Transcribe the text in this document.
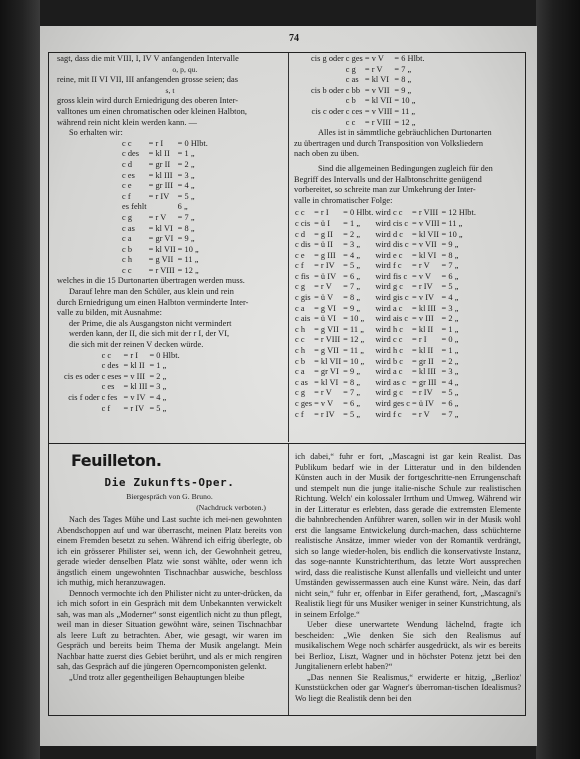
74
sagt, dass die mit VIII, I, IV V anfangenden Intervalle
o, p, qu.
reine, mit II VI VII, III anfangenden grosse seien; das
s, t
gross klein wird durch Erniedrigung des oberen Inter-
valltones um einen chromatischen oder kleinen Halbton,
während rein nicht klein werden kann. —
So erhalten wir:
c c	= r I	= 0 Hlbt.
c des	= kl II	= 1 „
c d	= gr II	= 2 „
c es	= kl III	= 3 „
c e	= gr III	= 4 „
c f	= r IV	= 5 „
es fehlt		6 „
c g	= r V	= 7 „
c as	= kl VI	= 8 „
c a	= gr VI	= 9 „
c b	= kl VII	= 10 „
c h	= g VII	= 11 „
c c	= r VIII	= 12 „
welches in die 15 Durtonarten übertragen werden muss.
Darauf lehre man den Schüler, aus klein und rein
durch Erniedrigung um einen Halbton verminderte Inter-
valle zu bilden, mit Ausnahme:
der Prime, die als Ausgangston nicht vermindert
werden kann, der II, die sich mit der r I, der VI,
die sich mit der reinen V decken würde.
	c c	= r I	= 0 Hlbt.
	c des	= kl II	= 1 „
cis es oder	c eses	= v III	= 2 „
	c es	= kl III	= 3 „
cis f oder	c fes	= v IV	= 4 „
	c f	= r IV	= 5 „
	cis g oder	c ges	= v V	= 6 Hlbt.
		c g	= r V	= 7 „
		c as	= kl VI	= 8 „
	cis b oder	c bb	= v VII	= 9 „
		c b	= kl VII	= 10 „
	cis c oder	c ces	= v VIII	= 11 „
		c c	= r VIII	= 12 „
Alles ist in sämmtliche gebräuchlichen Durtonarten
zu übertragen und durch Transposition von Volksliedern
nach oben zu üben.
Sind die allgemeinen Bedingungen zugleich für den
Begriff des Intervalls und der Halbtonschritte genügend
vorbereitet, so schreite man zur Umkehrung der Inter-
valle in chromatischer Folge:
c c	= r I	= 0 Hlbt.	wird c c	= r VIII	= 12 Hlbt.
c cis	= ü I	= 1 „	wird cis c	= v VIII	= 11 „
c d	= g II	= 2 „	wird d c	= kl VII	= 10 „
c dis	= ü II	= 3 „	wird dis c	= v VII	= 9 „
c e	= g III	= 4 „	wird e c	= kl VI	= 8 „
c f	= r IV	= 5 „	wird f c	= r V	= 7 „
c fis	= ü IV	= 6 „	wird fis c	= v V	= 6 „
c g	= r V	= 7 „	wird g c	= r IV	= 5 „
c gis	= ü V	= 8 „	wird gis c	= v IV	= 4 „
c a	= g VI	= 9 „	wird a c	= kl III	= 3 „
c ais	= ü VI	= 10 „	wird ais c	= v III	= 2 „
c h	= g VII	= 11 „	wird h c	= kl II	= 1 „
c c	= r VIII	= 12 „	wird c c	= r I	= 0 „
c h	= g VII	= 11 „	wird h c	= kl II	= 1 „
c b	= kl VII	= 10 „	wird b c	= gr II	= 2 „
c a	= gr VI	= 9 „	wird a c	= kl III	= 3 „
c as	= kl VI	= 8 „	wird as c	= gr III	= 4 „
c g	= r V	= 7 „	wird g c	= r IV	= 5 „
c ges	= v V	= 6 „	wird ges c	= ü IV	= 6 „
c f	= r IV	= 5 „	wird f c	= r V	= 7 „
Feuilleton.
Die Zukunfts-Oper.
Biergespräch von G. Bruno.
(Nachdruck verboten.)

Nach des Tages Mühe und Last suchte ich mei-nen gewohnten Abendschoppen auf und war überrascht, meinen Platz bereits von einem Fremden besetzt zu sehen. Während ich eifrig überlegte, ob ich ein grösserer Philister sei, wenn ich, der Gewohnheit getreu, gerade wieder denselben Platz wie sonst wählte, oder wenn ich ängstlich einem ungewohnten Tischnachbar auswiche, beschloss ich muthig, mich heranzuwagen.

Dennoch vermochte ich den Philister nicht zu unter-drücken, da ich mich sofort in ein Gespräch mit dem Unbekannten verwickelt sah, was man als „Moderner“ sonst eigentlich nicht zu thun pflegt, weil man in dieser Situation gewöhnt wäre, seinen Tischnachbar als leere Luft zu betrachten. Aber, wie gesagt, wir waren im Gespräch und bereits beim Thema der Musik angelangt. Mein Nachbar hatte zuerst dies Gebiet berührt, und als er mich rengiren sah, das Gespräch auf die jüngeren Operncomponisten gelenkt.

„Und trotz aller gegentheiligen Behauptungen bleibe

ich dabei,“ fuhr er fort, „Mascagni ist gar kein Realist. Das Publikum bedarf wie in der Litteratur und in den bildenden Künsten auch in der Musik der fortgeschritte-nen Errungenschaft und stempelt nun die junge italie-nische Schule zur realistischen Richtung. Welch' ein kolossaler Irrthum und Umweg. Während wir in der Litteratur es erlebten, dass gerade die extremsten Elemente die bahnbrechenden Anführer waren, sollen wir in der Musik wohl erst die langsame Entwickelung durch-machen, dass schüchterne realistische Ansätze, immer wieder von der Romantik verdrängt, sich so lange wieder-holen, bis endlich die konservativste Instanz, das soge-nannte Kunstrichterthum, das letzte Wort aussprechen wird, dass die realistische Kunst allenfalls und vielleicht und unter Umständen gewissermassen auch eine Kunst wäre. Nein, das darf nicht sein,“ fuhr er, offenbar in Eifer gerathend, fort, „Mascagni's Realistik liegt für uns Musiker weniger in seiner Kunstrichtung, als in seinem Erfolge.“

Ueber diese unerwartete Wendung lächelnd, fragte ich bescheiden: „Wie denken Sie sich den Realismus auf musikalischem Wege noch schärfer ausgedrückt, als wir es bereits bei Berlioz, Liszt, Wagner und in höchster Potenz jetzt bei den Jungitalienern erlebt haben?“

„Das nennen Sie Realismus,“ erwiderte er hitzig, „Berlioz' Kunststückchen oder gar Wagner's überroman-tischen Idealismus? Wo liegt die Realistik denn bei den
